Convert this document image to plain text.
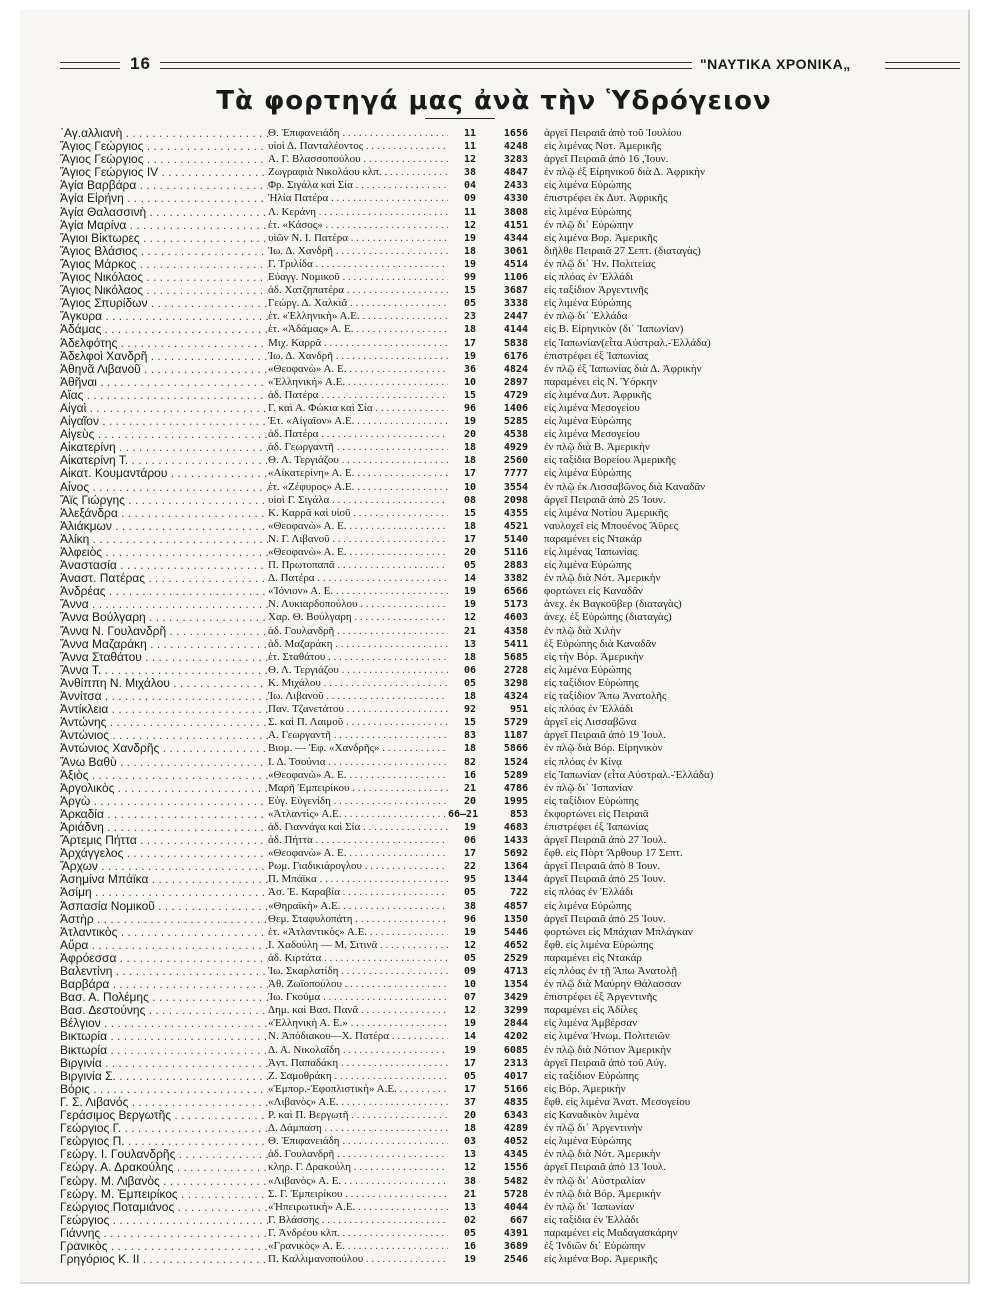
16	"ΝΑΥΤΙΚΑ ΧΡΟΝΙΚΑ„
Τὰ φορτηγά μας ἀνὰ τὴν Ὑδρόγειον
᾿Αγ.αλλιανὴ . . .	Θ. Ἐπιφανειάδη . . .	11	1656	ἀργεῖ Πειραιᾶ ἀπὸ τοῦ Ἰουλίου
Ἅγιος Γεώργιος . . .	υἱοὶ Δ. Πανταλέοντος . . .	11	4248	εἰς λιμένας Νοτ. Ἀμερικῆς
Ἅγιος Γεώργιος . . .	Α. Γ. Βλασσοπούλου . . .	12	3283	ἀργεῖ Πειραιᾶ ἀπὸ 16 ,Ἰουν.
Ἅγιος Γεώργιος IV . . .	Ζωγραφιὰ Νικολάου κλπ. . . . .	38	4847	ἐν πλῷ ἐξ Εἰρηνικοῦ διὰ Δ. Ἀφρικὴν
Ἁγία Βαρβάρα . . .	Φρ. Σιγάλα καὶ Σία . . .	04	2433	εἰς λιμένα Εὐρώπης
Ἁγία Εἰρήνη . . .	Ἠλία Πατέρα . . .	09	4330	ἐπιστρέφει ἐκ Δυτ. Ἀφρικῆς
Ἁγία Θαλασσινὴ . . .	Λ. Κεράνη . . .	11	3808	εἰς λιμένα Εὐρώπης
Ἁγία Μαρίνα . . .	ἑτ. «Κάσος» . . .	12	4151	ἐν πλῷ δι᾿ Εὐρώπην
Ἅγιοι Βίκτωρες . . .	υἱῶν Ν. Ι. Πατέρα . . .	19	4344	εἰς λιμένα Βορ. Ἀμερικῆς
Ἅγιος Βλάσιος . . .	Ἰω. Δ. Χανδρῆ . . .	18	3061	διῆλθε Πειραιᾶ 27 Σεπτ. (διαταγὰς)
Ἅγιος Μάρκος . . .	Γ. Τριλίδα . . .	19	4514	ἐν πλῷ δι᾿ Ἡν. Πολιτείας
Ἅγιος Νικόλαος . . .	Εὐαγγ. Νομικοῦ . . .	99	1106	εἰς πλόας ἐν Ἑλλάδι
Ἅγιος Νικόλαος . . .	ἀδ. Χατζηπατέρα . . .	15	3687	εἰς ταξίδιον Ἀργεντινῆς
Ἅγιος Σπυρίδων . . .	Γεώργ. Δ. Χαλκιᾶ . . .	05	3338	εἰς λιμένα Εὐρώπης
Ἄγκυρα . . .	ἑτ. «Ἑλληνικὴ» Α.Ε. . . .	23	2447	ἐν πλῷ δι᾿ Ἑλλάδα
Ἀδάμας . . .	ἑτ. «Ἀδάμας» Α. Ε. . . .	18	4144	εἰς Β. Εἰρηνικὸν (δι᾿ Ἰαπωνίαν)
Ἀδελφότης . . .	Μιχ. Καρρᾶ . . .	17	5838	εἰς Ἰαπωνίαν(εἶτα Αὐστραλ.-Ἑλλάδα)
Ἀδελφοὶ Χανδρῆ . . .	Ἰω. Δ. Χανδρῆ . . .	19	6176	ἐπιστρέφει ἐξ Ἰαπωνίας
Ἀθηνᾶ Λιβανοῦ . . .	«Θεοφανὼ» Α. Ε. . . .	36	4824	ἐν πλῷ ἐξ Ἰαπωνίας διὰ Δ. Ἀφρικὴν
Ἀθῆναι . . .	«Ἑλληνικὴ» Α.Ε. . . .	10	2897	παραμένει εἰς Ν. Ὑόρκην
Αἴας . . .	ἀδ. Πατέρα . . .	15	4729	εἰς λιμένα Δυτ. Ἀφρικῆς
Αἰγαὶ . . .	Γ. καὶ Α. Φώκια καὶ Σία . . .	96	1406	εἰς λιμένα Μεσογείου
Αἰγαῖον . . .	Ἑτ. «Αἰγαῖον» Α.Ε. . . .	19	5285	εἰς λιμένα Εὐρώπης
Αἰγεὺς . . .	ἀδ. Πατέρα . . .	20	4538	εἰς λιμένα Μεσογείου
Αἰκατερίνη . . .	ἀδ. Γεωργαντῆ . . .	18	4929	ἐν πλῷ διὰ Β. Ἀμερικὴν
Αἰκατερίνη Τ. . . .	Θ. Λ. Τεργιάζου . . .	18	2560	εἰς ταξίδια Βορείου Ἀμερικῆς
Αἰκατ. Κουμαντάρου . . .	«Αἰκατερίνη» Α. Ε. . . .	17	7777	εἰς λιμένα Εὐρώπης
Αἶνος . . .	ἑτ. «Ζέφυρος» Α.Ε. . . .	10	3554	ἐν πλῷ ἐκ Λισσαβῶνος διὰ Καναδᾶν
Ἄϊς Γιώργης . . .	υἱοὶ Γ. Σιγάλα . . .	08	2098	ἀργεῖ Πειραιᾶ ἀπὸ 25 Ἰουν.
Ἀλεξάνδρα . . .	Κ. Καρρᾶ καὶ υἱοῦ . . .	15	4355	εἰς λιμένα Νοτίου Ἀμερικῆς
Ἀλιάκμων . . .	«Θεοφανὼ» Α. Ε. . . .	18	4521	ναυλοχεῖ εἰς Μπουένος Ἄϋρες
Ἀλίκη . . .	Ν. Γ. Λιβανοῦ . . .	17	5140	παραμένει εἰς Ντακάρ
Ἀλφειὸς . . .	«Θεοφανὼ» Α. Ε. . . .	20	5116	εἰς λιμένας Ἰαπωνίας
Ἀναστασία . . .	Π. Πρωτοπαπᾶ . . .	05	2883	εἰς λιμένα Εὐρώπης
Ἀναστ. Πατέρας . . .	Δ. Πατέρα . . .	14	3382	ἐν πλῷ διὰ Νότ. Ἀμερικὴν
Ἀνδρέας . . .	«Ἰόνιον» Α. Ε. . . .	19	6566	φορτώνει εἰς Καναδᾶν
Ἄννα . . .	Ν. Λυκιαρδοπούλου . . .	19	5173	ἀνεχ. ἐκ Βαγκοῦβερ (διαταγὰς)
Ἄννα Βούλγαρη . . .	Χαρ. Θ. Βούλγαρη . . .	12	4603	ἀνεχ. ἐξ Εὐρώπης (διαταγὰς)
Ἄννα Ν. Γουλανδρῆ . . .	ἀδ. Γουλανδρῆ . . .	21	4358	ἐν πλῷ διὰ Χιλὴν
Ἄννα Μαζαράκη . . .	ἀδ. Μαζαράκη . . .	13	5411	ἐξ Εὐρώπης διὰ Καναδᾶν
Ἄννα Σταθάτου . . .	ἑτ. Σταθάτου . . .	18	5685	εἰς τὴν Βόρ. Ἀμερικὴν
Ἄννα Τ. . . .	Θ. Λ. Τεργιάζου . . .	06	2728	εἰς λιμένα Εὐρώπης
Ἀνθίππη Ν. Μιχάλου . . .	Κ. Μιχάλου . . .	05	3298	εἰς ταξίδιον Εὐρώπης
Ἀννίτσα . . .	Ἰω. Λιβανοῦ . . .	18	4324	εἰς ταξίδιον Ἄπω Ἀνατολῆς
Ἀντίκλεια . . .	Παν. Τζανετάτου . . .	92	951	εἰς πλόας ἐν Ἑλλάδι
Ἀντώνης . . .	Σ. καὶ Π. Λαιμοῦ . . .	15	5729	ἀργεῖ εἰς Λισσαβῶνα
Ἀντώνιος . . .	Α. Γεωργαντῆ . . .	83	1187	ἀργεῖ Πειραιᾶ ἀπὸ 19 Ἰουλ.
Ἀντώνιος Χανδρῆς . . .	Βιομ. — Ἐφ. «Χανδρῆς» . . . .	18	5866	ἐν πλῷ διὰ Βόρ. Εἰρηνικὸν
Ἄνω Βαθὺ . . .	Ι. Δ. Τσούνια . . .	82	1524	εἰς πλόας ἐν Κίνᾳ
Ἀξιὸς . . .	«Θεοφανὼ» Α. Ε. . . .	16	5289	εἰς Ἰαπωνίαν (εἶτα Αὐστραλ.-Ἑλλάδα)
Ἀργολικὸς . . .	Μαρῆ Ἐμπειρίκου . . .	21	4786	ἐν πλῷ δι᾿ Ἰσπανίαν
Ἀργὼ . . .	Εὐγ. Εὐγενίδη . . .	20	1995	εἰς ταξίδιον Εὐρώπης
Ἀρκαδία . . .	«Ἀτλαντὶς» Α.Ε. . . .	66—21	853	ἐκφορτώνει εἰς Πειραιᾶ
Ἀριάδνη . . .	ἀδ. Γιαννάγα καὶ Σία . . .	19	4683	ἐπιστρέφει ἐξ Ἰαπωνίας
Ἄρτεμις Πήττα . . .	ἀδ. Πήττα . . .	06	1433	ἀργεῖ Πειραιᾶ ἀπὸ 27 Ἰουλ.
Ἀρχάγγελος . . .	«Θεοφανὼ» Α. Ε. . . .	17	5692	ἔφθ. εἰς Πὸρτ Ἄρθουρ 17 Σεπτ.
Ἄρχων . . .	Ρωμ. Γιαδικιάρογλου . . .	22	1364	ἀργεῖ Πειραιᾶ ἀπὸ 8 Ἰουν.
Ἀσημίνα Μπάϊκα . . .	Π. Μπάϊκα . . .	95	1344	ἀργεῖ Πειραιᾶ ἀπὸ 25 Ἰουν.
Ἀσίμη . . .	Ἀσ. Ἐ. Καραβία . . .	05	722	εἰς πλόας ἐν Ἑλλάδι
Ἀσπασία Νομικοῦ . . .	«Θηραϊκὴ» Α.Ε. . . .	38	4857	εἰς λιμένα Εὐρώπης
Ἀστὴρ . . .	Θεμ. Σταφυλοπάτη . . .	96	1350	ἀργεῖ Πειραιᾶ ἀπὸ 25 Ἰουν.
Ἀτλαντικὸς . . .	ἑτ. «Ἀτλαντικὸς» Α.Ε. . . .	19	5446	φορτώνει εἰς Μπάχιαν Μπλάγκαν
Αὔρα . . .	Ι. Χαδούλη — Μ. Σιτινᾶ . . .	12	4652	ἔφθ. εἰς λιμένα Εὐρώπης
Ἀφρόεσσα . . .	ἀδ. Κιρτάτα . . .	05	2529	παραμένει εἰς Ντακάρ
Βαλεντίνη . . .	Ἰω. Σκαρλατίδη . . .	09	4713	εἰς πλόας ἐν τῇ Ἄπω Ἀνατολῇ
Βαρβάρα . . .	Ἀθ. Ζωϊοπούλου . . .	10	1354	ἐν πλῷ διὰ Μαύρην Θάλασσαν
Βασ. Α. Πολέμης . . .	Ἰω. Γκούμα . . .	07	3429	ἐπιστρέφει ἐξ Ἀργεντινῆς
Βασ. Δεστούνης . . .	Δημ. καὶ Βασ. Πανᾶ . . .	12	3299	παραμένει εἰς Ἀδίλες
Βέλγιον . . .	«Ἑλληνικὴ Α. Ε.» . . .	19	2844	εἰς λιμένα Ἀμβέρσαν
Βικτωρία . . .	Ν. Ἀπόδιακου—Χ. Πατέρα . . .	14	4202	εἰς λιμένα Ἡνωμ. Πολιτειῶν
Βικτωρία . . .	Δ. Α. Νικολαΐδη . . .	19	6085	ἐν πλῷ διὰ Νότιον Ἀμερικὴν
Βιργινία . . .	Ἀντ. Παπαδάκη . . .	17	2313	ἀργεῖ Πειραιᾶ ἀπὸ τοῦ Αὐγ.
Βιργινία Σ. . . .	Ζ. Σαμοθράκη . . .	05	4017	εἰς ταξίδιον Εὐρώπης
Βόρις . . .	«Ἐμπορ.-Ἐφοπλιστικὴ» Α.Ε. . . .	17	5166	εἰς Βόρ. Ἀμερικὴν
Γ. Σ. Λιβανός . . .	«Λιβανὸς» Α.Ε. . . .	37	4835	ἔφθ. εἰς λιμένα Ἀνατ. Μεσογείου
Γεράσιμος Βεργωτῆς . . .	Ρ. καὶ Π. Βεργωτῆ . . .	20	6343	εἰς Καναδικὸν λιμένα
Γεώργιος Γ. . . .	Δ. Δάμπαση . . .	18	4289	ἐν πλῷ δι᾿ Ἀργεντινὴν
Γεώργιος Π. . . .	Θ. Ἐπιφανειάδη . . .	03	4052	εἰς λιμένα Εὐρώπης
Γεώργ. Ι. Γουλανδρῆς . . .	ἀδ. Γουλανδρῆ . . .	13	4345	ἐν πλῷ διὰ Νότ. Ἀμερικὴν
Γεώργ. Α. Δρακούλης . . .	κληρ. Γ. Δρακούλη . . .	12	1556	ἀργεῖ Πειραιᾶ ἀπὸ 13 Ἰουλ.
Γεώργ. Μ. Λιβανὸς . . .	«Λιβανὸς» Α. Ε. . . .	38	5482	ἐν πλῷ δι᾿ Αὐστραλίαν
Γεώργ. Μ. Ἐμπειρίκος . . .	Σ. Γ. Ἐμπειρίκου . . .	21	5728	ἐν πλῷ διὰ Βόρ. Ἀμερικὴν
Γεώργιος Ποταμιάνος . . .	«Ἠπειρωτικὴ» Α.Ε. . . .	13	4044	ἐν πλῷ δι᾿ Ἰαπωνίαν
Γεώργιος . . .	Γ. Βλάσσης . . .	02	667	εἰς ταξίδια ἐν Ἑλλάδι
Γιάννης . . .	Γ. Ἀνδρέου κλπ. . . .	05	4391	παραμένει εἰς Μαδαγασκάρην
Γρανικὸς . . .	«Γρανικὸς» Α. Ε. . . .	16	3689	ἐξ Ἰνδιῶν δι᾿ Εὐρώπην
Γρηγόριος Κ. ΙΙ . . .	Π. Καλλιμανοπούλου . . .	19	2546	εἰς λιμένα Βορ. Ἀμερικῆς
